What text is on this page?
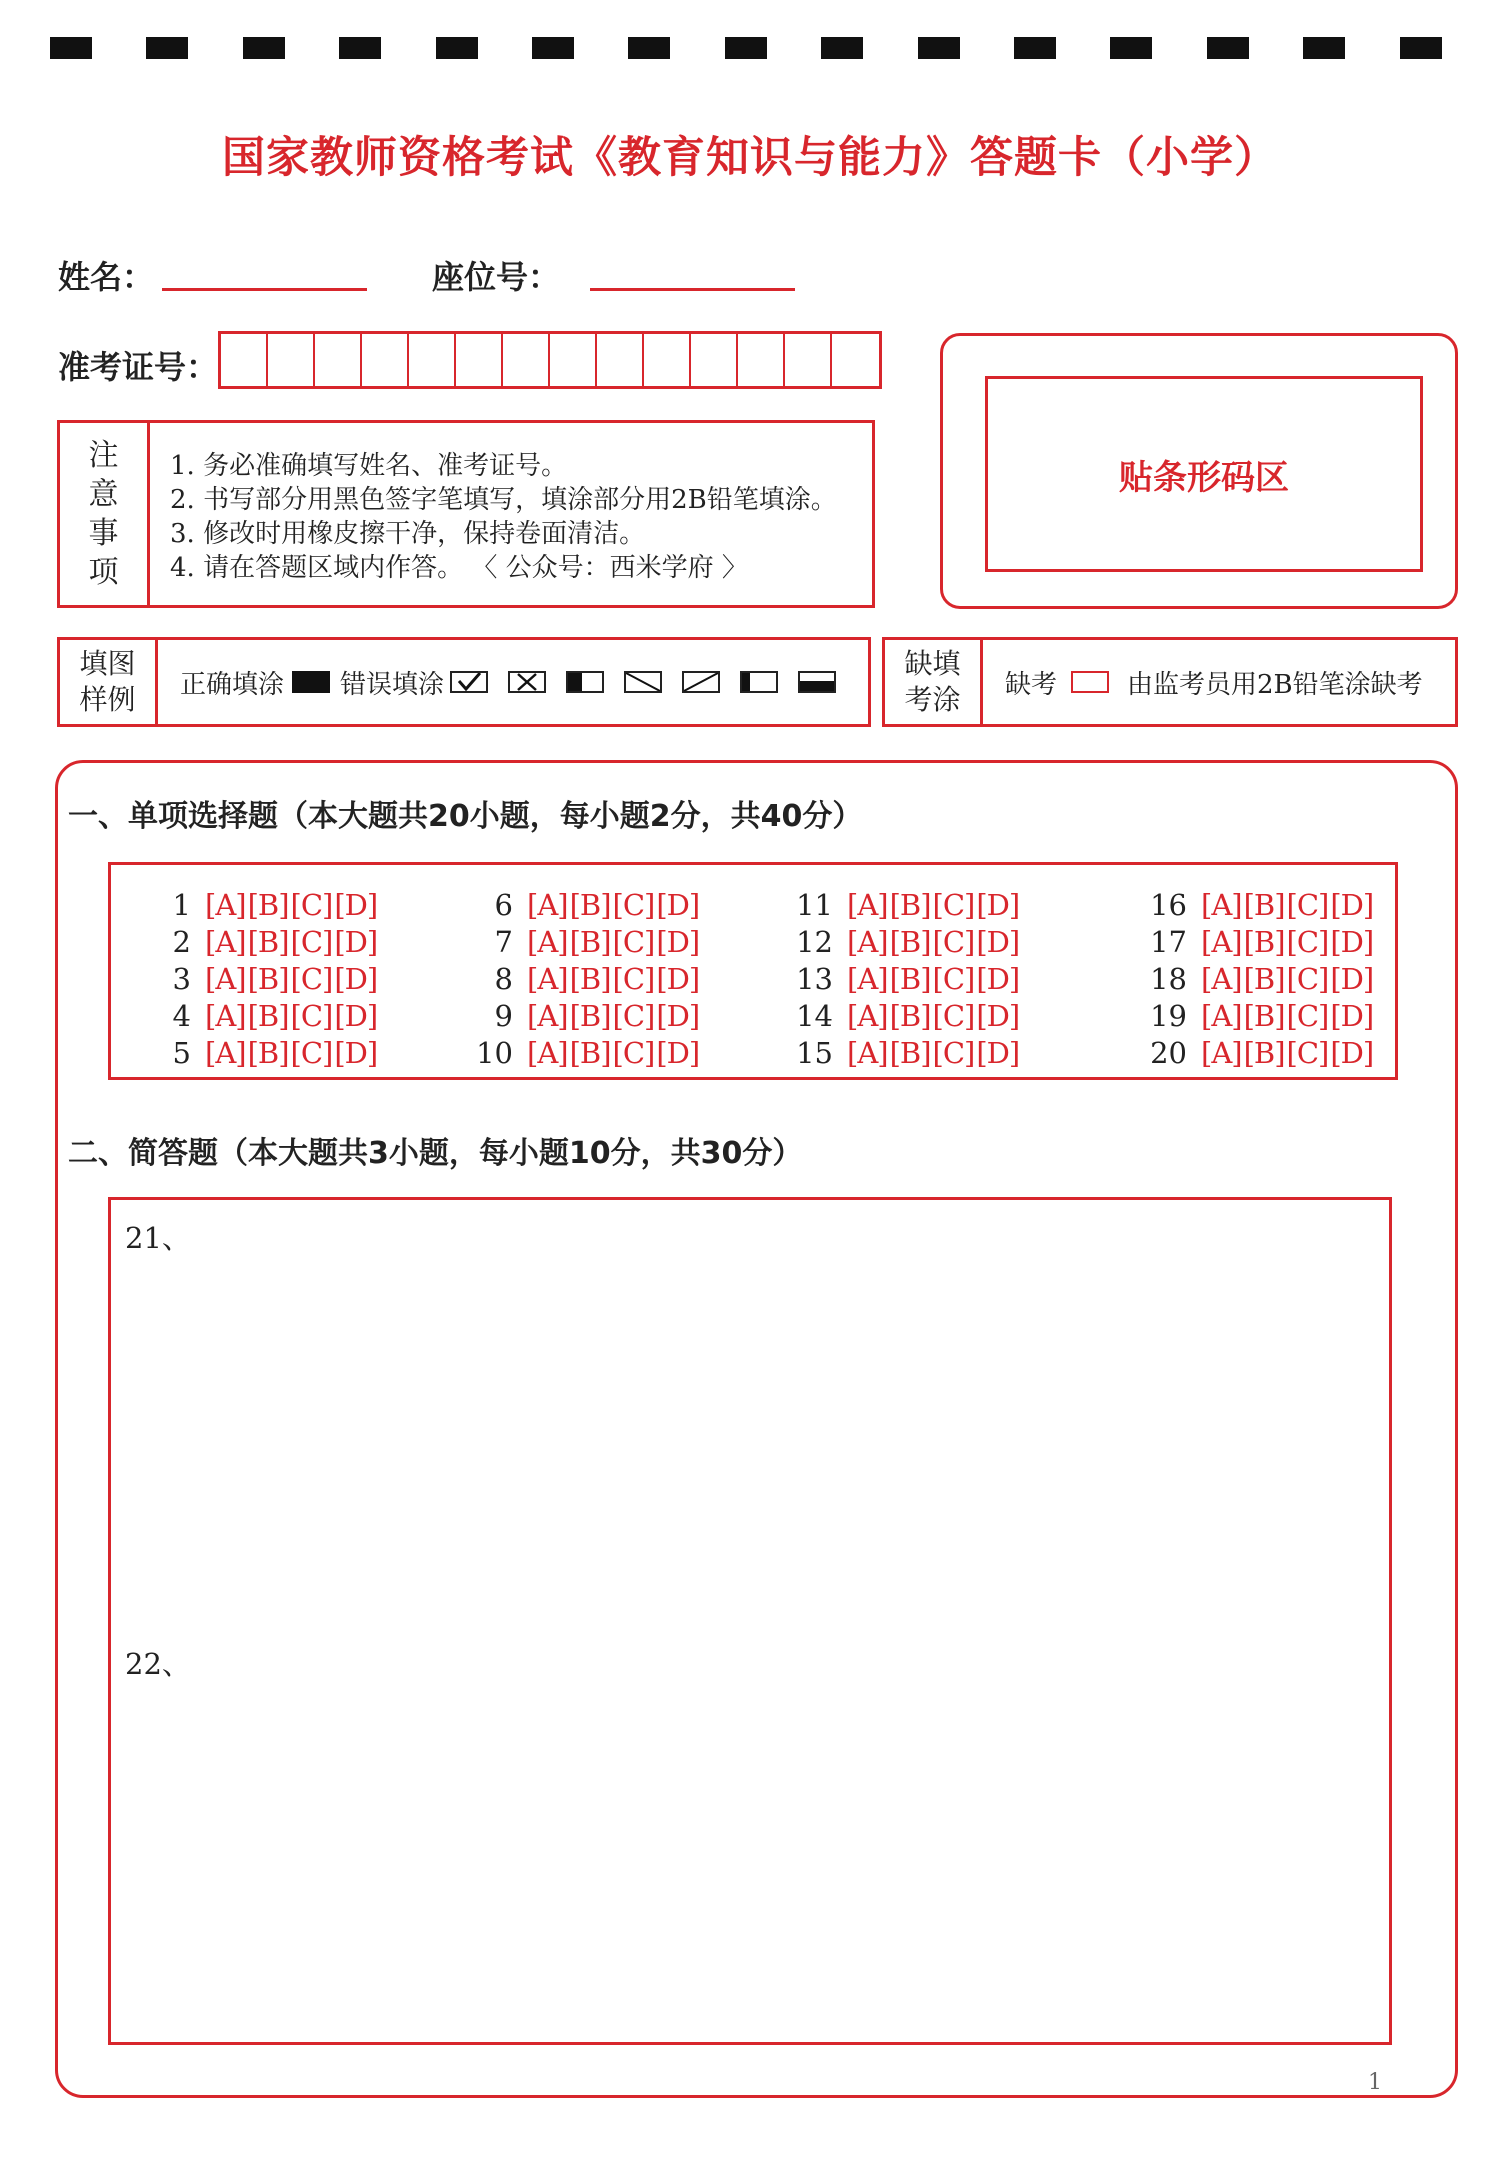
国家教师资格考试《教育知识与能力》答题卡（小学）
姓名：	座位号：
准考证号：
注
意
事
项
1. 务必准确填写姓名、准考证号。
2. 书写部分用黑色签字笔填写，填涂部分用2B铅笔填涂。
3. 修改时用橡皮擦干净，保持卷面清洁。
4. 请在答题区域内作答。 〈 公众号：西米学府 〉
贴条形码区
填图
样例 正确填涂 错误填涂
缺填
考涂 缺考	由监考员用2B铅笔涂缺考
一、单项选择题（本大题共20小题，每小题2分，共40分）
1 [A][B][C][D]
2 [A][B][C][D]
3 [A][B][C][D]
4 [A][B][C][D]
5 [A][B][C][D]
6 [A][B][C][D]
7 [A][B][C][D]
8 [A][B][C][D]
9 [A][B][C][D]
10 [A][B][C][D]
11 [A][B][C][D]
12 [A][B][C][D]
13 [A][B][C][D]
14 [A][B][C][D]
15 [A][B][C][D]
16 [A][B][C][D]
17 [A][B][C][D]
18 [A][B][C][D]
19 [A][B][C][D]
20 [A][B][C][D]
二、简答题（本大题共3小题，每小题10分，共30分）
21、
22、
1
